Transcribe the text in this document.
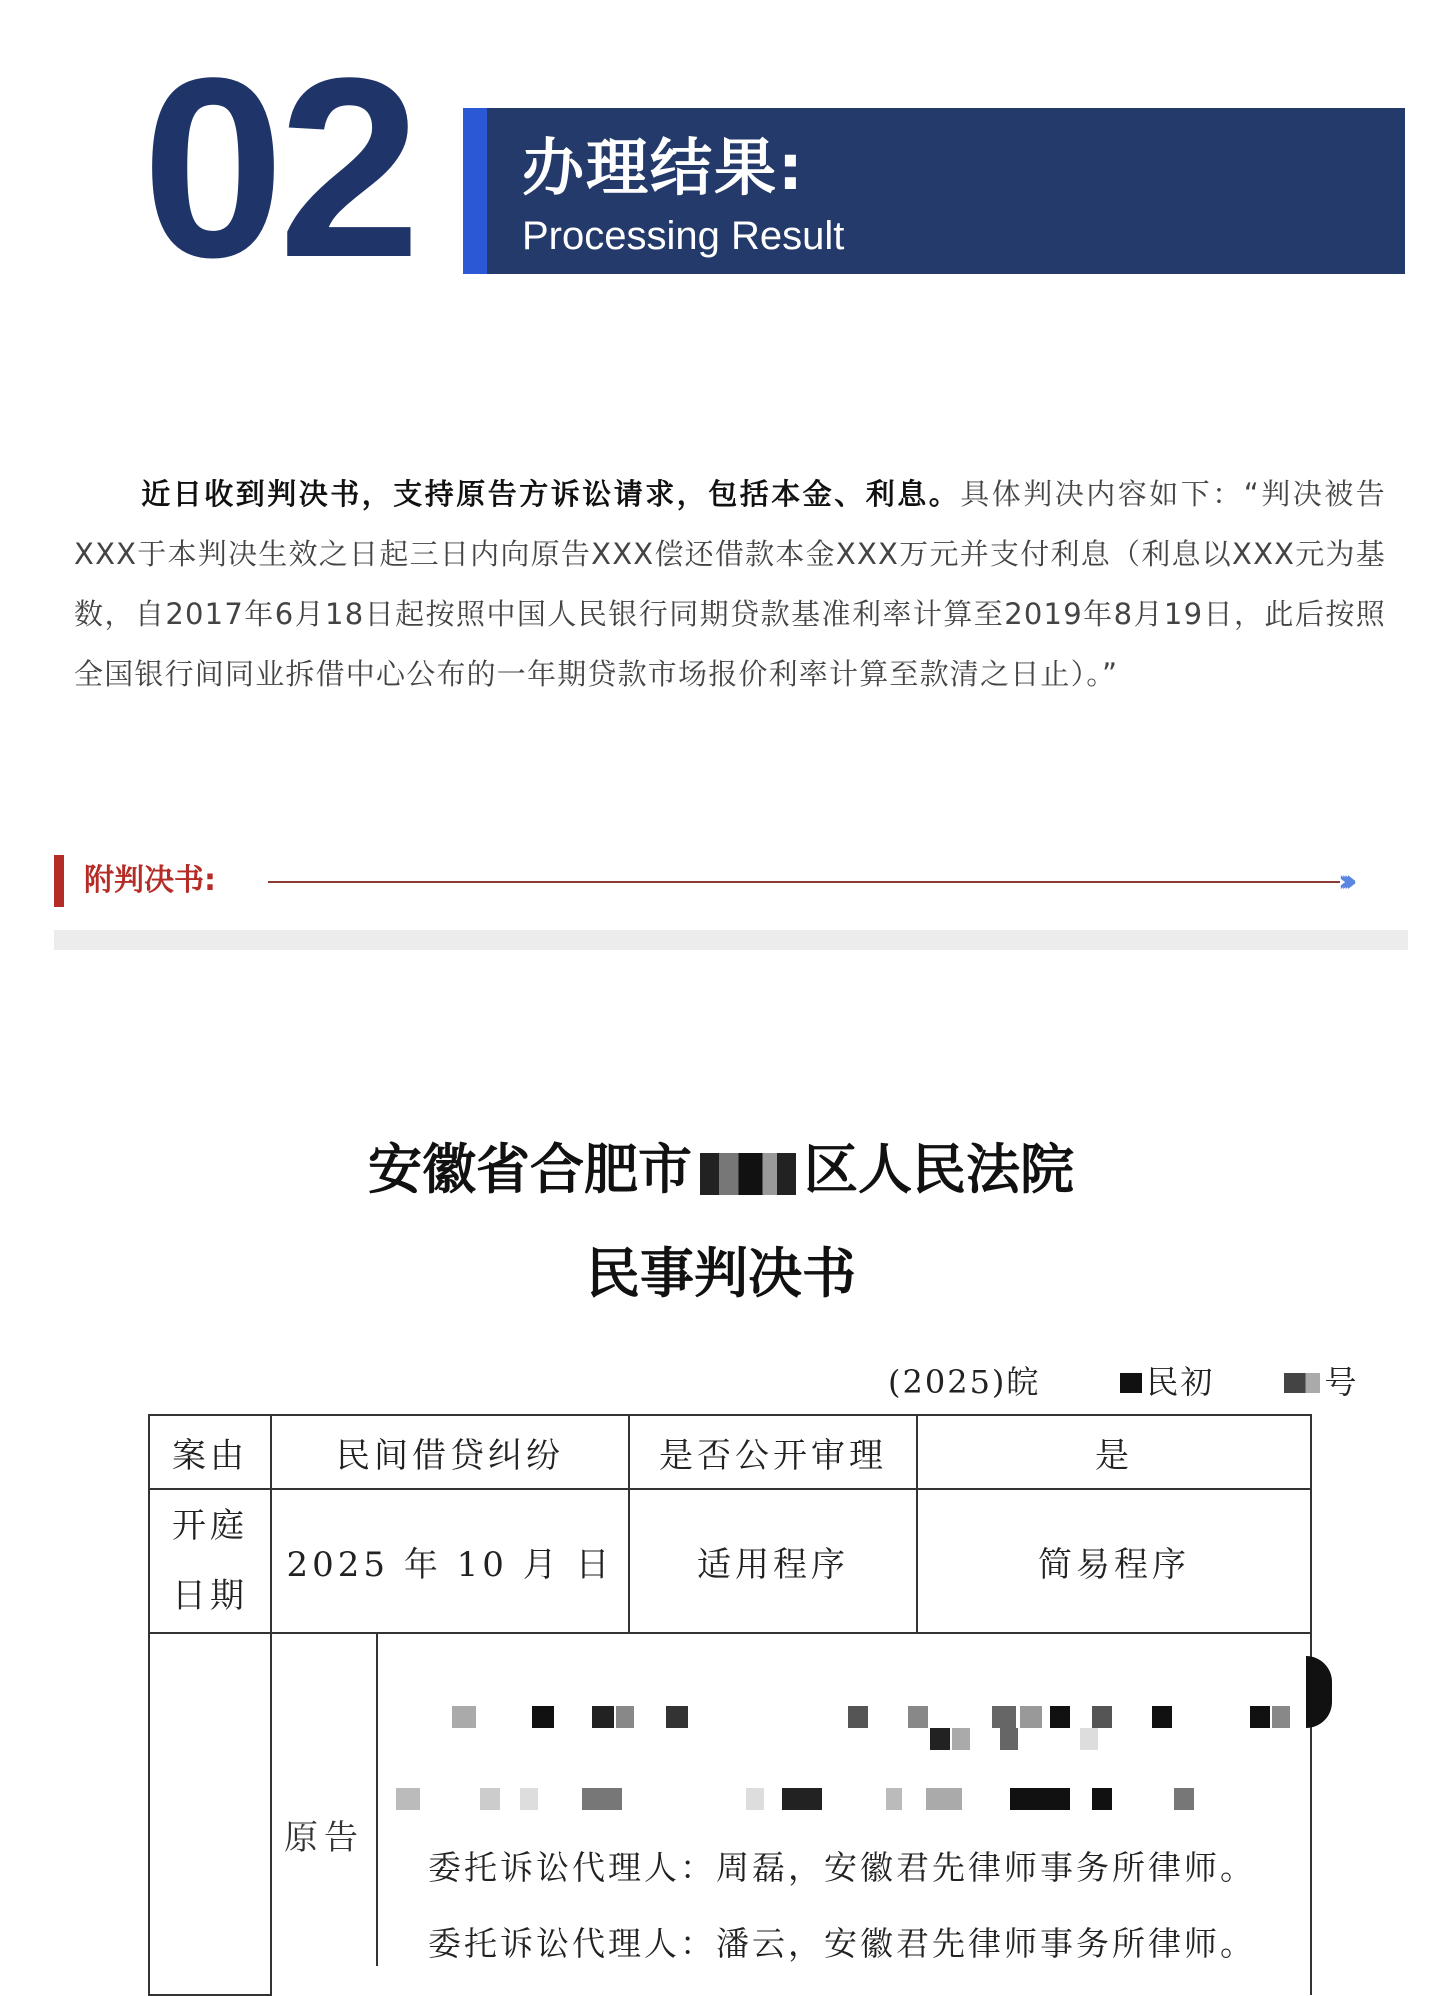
02 办理结果:
Processing Result
近日收到判决书，支持原告方诉讼请求，包括本金、利息。具体判决内容如下：“判决被告XXX于本判决生效之日起三日内向原告XXX偿还借款本金XXX万元并支付利息（利息以XXX元为基数，自2017年6月18日起按照中国人民银行同期贷款基准利率计算至2019年8月19日，此后按照全国银行间同业拆借中心公布的一年期贷款市场报价利率计算至款清之日止）。”
附判决书:	››››
安徽省合肥市 区人民法院
民事判决书
(2025)皖	民初	号
案由	民间借贷纠纷	是否公开审理	是
开庭
日期	2025 年 10 月 日	适用程序	简易程序

原告
委托诉讼代理人：周磊，安徽君先律师事务所律师。
委托诉讼代理人：潘云，安徽君先律师事务所律师。
